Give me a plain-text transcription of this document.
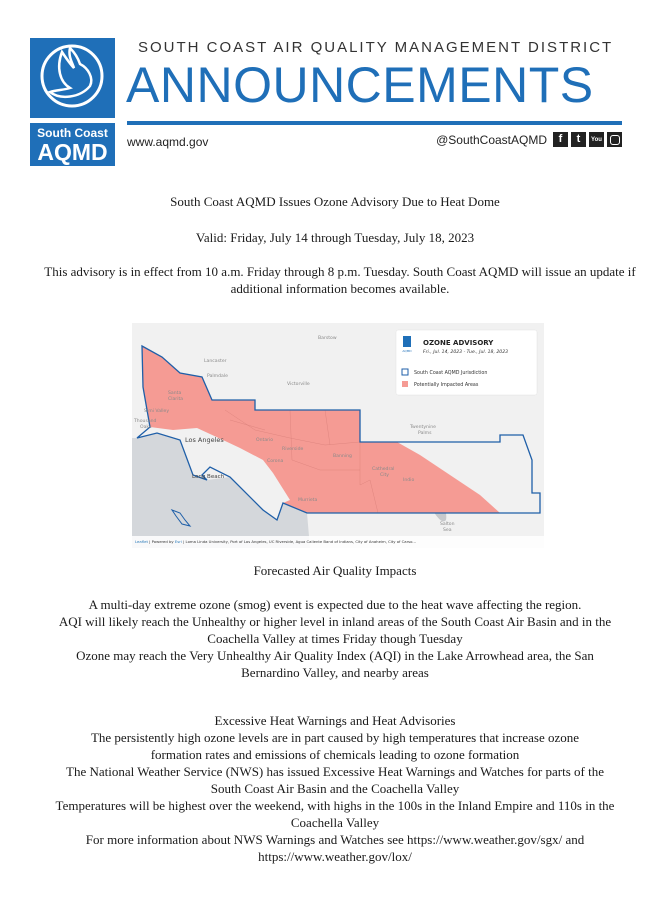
South Coast
AQMD
SOUTH COAST AIR QUALITY MANAGEMENT DISTRICT
ANNOUNCEMENTS
www.aqmd.gov	@SouthCoastAQMD	f	t	You
South Coast AQMD Issues Ozone Advisory Due to Heat Dome
Valid: Friday, July 14 through Tuesday, July 18, 2023
This advisory is in effect from 10 a.m. Friday through 8 p.m. Tuesday. South Coast AQMD will issue an update if additional information becomes available.
Barstow
Lancaster
Palmdale
Victorville
Santa
Clarita
Simi Valley
Thousand
Oaks
Los Angeles
Long Beach
Ontario
Riverside
Corona
Banning
Cathedral
City
Indio
Murrieta
Twentynine
Palms
Salton
Sea
AQMD
OZONE ADVISORY
Fri., Jul. 14, 2023 - Tue., Jul. 18, 2023
South Coast AQMD Jurisdiction
Potentially Impacted Areas
Leaflet | Powered by Esri | Loma Linda University, Port of Los Angeles, UC Riverside, Agua Caliente Band of Indians, City of Anaheim, City of Carso...
Forecasted Air Quality Impacts
A multi-day extreme ozone (smog) event is expected due to the heat wave affecting the region.
AQI will likely reach the Unhealthy or higher level in inland areas of the South Coast Air Basin and in the Coachella Valley at times Friday though Tuesday
Ozone may reach the Very Unhealthy Air Quality Index (AQI) in the Lake Arrowhead area, the San Bernardino Valley, and nearby areas
Excessive Heat Warnings and Heat Advisories
The persistently high ozone levels are in part caused by high temperatures that increase ozone formation rates and emissions of chemicals leading to ozone formation
The National Weather Service (NWS) has issued Excessive Heat Warnings and Watches for parts of the South Coast Air Basin and the Coachella Valley
Temperatures will be highest over the weekend, with highs in the 100s in the Inland Empire and 110s in the Coachella Valley
For more information about NWS Warnings and Watches see https://www.weather.gov/sgx/ and https://www.weather.gov/lox/
